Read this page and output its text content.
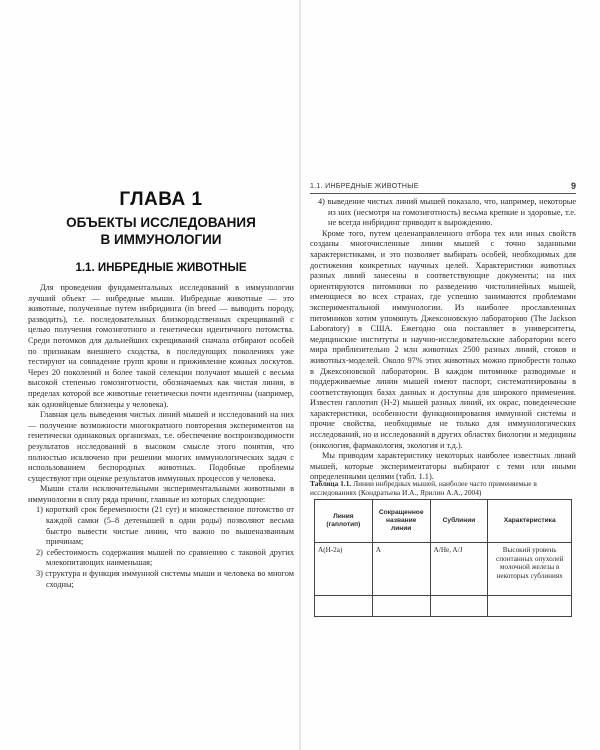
ГЛАВА 1
ОБЪЕКТЫ ИССЛЕДОВАНИЯ
В ИММУНОЛОГИИ
1.1. ИНБРЕДНЫЕ ЖИВОТНЫЕ

Для проведения фундаментальных исследований в иммунологии лучший объект — инбредные мыши. Инбредные животные — это животные, полученные путем инбридинга (in breed — выводить породу, разводить), т.е. последовательных близкородственных скрещиваний с целью получения гомозиготного и генетически идентичного потомства. Среди потомков для дальнейших скрещиваний сначала отбирают особей по признакам внешнего сходства, в последующих поколениях уже тестируют на совпадение групп крови и приживление кожных лоскутов. Через 20 поколений и более такой селекции получают мышей с весьма высокой степенью гомозиготности, обозначаемых как чистая линия, в пределах которой все животные генетически почти идентичны (например, как однояйцевые близнецы у человека).

Главная цель выведения чистых линий мышей и исследований на них — получение возможности многократного повторения экспериментов на генетически одинаковых организмах, т.е. обеспечение воспроизводимости результатов исследований в высоком смысле этого понятия, что полностью исключено при решении многих иммунологических задач с использованием беспородных животных. Подобные проблемы существуют при оценке результатов иммунных процессов у человека.

Мыши стали исключительными экспериментальными животными в иммунологии в силу ряда причин, главные из которых следующие:

1) короткий срок беременности (21 сут) и множественное потомство от каждой самки (5–8 детенышей в одни роды) позволяют весьма быстро вывести чистые линии, что важно по вышеназванным причинам;
2) себестоимость содержания мышей по сравнению с таковой других млекопитающих наименьшая;
3) структура и функция иммунной системы мыши и человека во многом сходны;
1.1. ИНБРЕДНЫЕ ЖИВОТНЫЕ	9

4) выведение чистых линий мышей показало, что, например, некоторые из них (несмотря на гомозиготность) весьма крепкие и здоровые, т.е. не всегда инбридинг приводит к вырождению.

Кроме того, путем целенаправленного отбора тех или иных свойств созданы многочисленные линии мышей с точно заданными характеристиками, и это позволяет выбирать особей, необходимых для достижения конкретных научных целей. Характеристики животных разных линий занесены в соответствующие документы; на них ориентируются питомники по разведению чистолинейных мышей, имеющиеся во всех странах, где успешно занимаются проблемами экспериментальной иммунологии. Из наиболее прославленных питомников хотим упомянуть Джексоновскую лабораторию (The Jackson Laboratory) в США. Ежегодно она поставляет в университеты, медицинские институты и научно-исследовательские лаборатории всего мира приблизительно 2 млн животных 2500 разных линий, стоков и животных-моделей. Около 97% этих животных можно приобрести только в Джексоновской лаборатории. В каждом питомнике разводимые и поддерживаемые линии мышей имеют паспорт, систематизированы в соответствующих базах данных и доступны для широкого применения. Известен гаплотип (Н-2) мышей разных линий, их окрас, поведенческие характеристики, особенности функционирования иммунной системы и прочие свойства, необходимые не только для иммунологических исследований, но и исследований в других областях биологии и медицины (онкология, фармакология, экология и т.д.).

Мы приводим характеристику некоторых наиболее известных линий мышей, которые экспериментаторы выбирают с теми или иными определенными целями (табл. 1.1).

Таблица 1.1. Линии инбредных мышей, наиболее часто применяемые в исследованиях (Кондратьева И.А., Ярилин А.А., 2004)
Линия (гаплотип)	Сокращенное название линии	Сублинии	Характеристика
A(H-2a)	A	A/He, A/J	Высокий уровень спонтанных опухолей молочной железы в некоторых сублиниях
